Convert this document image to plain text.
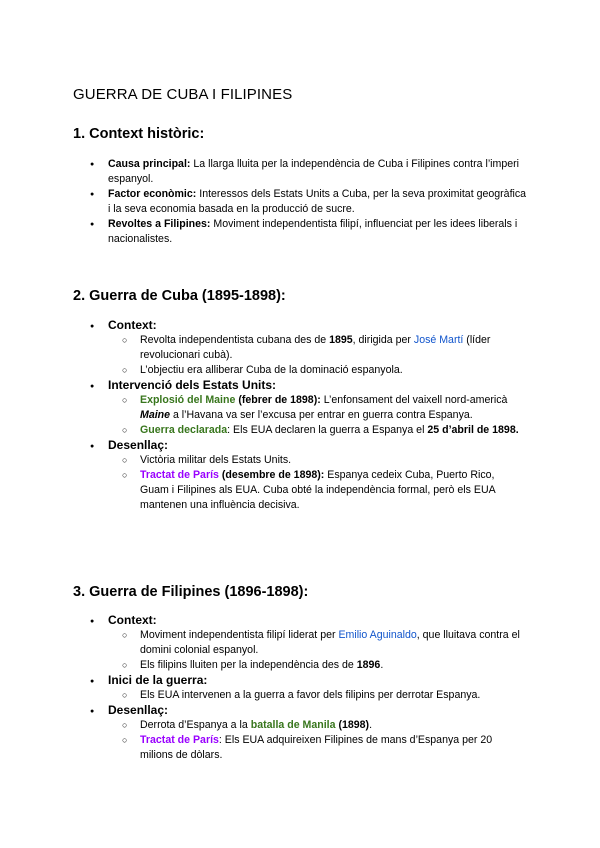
GUERRA DE CUBA I FILIPINES
1. Context històric:
● Causa principal: La llarga lluita per la independència de Cuba i Filipines contra l’imperi espanyol.
● Factor econòmic: Interessos dels Estats Units a Cuba, per la seva proximitat geogràfica i la seva economia basada en la producció de sucre.
● Revoltes a Filipines: Moviment independentista filipí, influenciat per les idees liberals i nacionalistes.
2. Guerra de Cuba (1895-1898):
● Context:
○ Revolta independentista cubana des de 1895, dirigida per José Martí (líder revolucionari cubà).
○ L’objectiu era alliberar Cuba de la dominació espanyola.
● Intervenció dels Estats Units:
○ Explosió del Maine (febrer de 1898): L’enfonsament del vaixell nord-americà Maine a l’Havana va ser l’excusa per entrar en guerra contra Espanya.
○ Guerra declarada: Els EUA declaren la guerra a Espanya el 25 d’abril de 1898.
● Desenllaç:
○ Victòria militar dels Estats Units.
○ Tractat de París (desembre de 1898): Espanya cedeix Cuba, Puerto Rico, Guam i Filipines als EUA. Cuba obté la independència formal, però els EUA mantenen una influència decisiva.
3. Guerra de Filipines (1896-1898):
● Context:
○ Moviment independentista filipí liderat per Emilio Aguinaldo, que lluitava contra el domini colonial espanyol.
○ Els filipins lluiten per la independència des de 1896.
● Inici de la guerra:
○ Els EUA intervenen a la guerra a favor dels filipins per derrotar Espanya.
● Desenllaç:
○ Derrota d’Espanya a la batalla de Manila (1898).
○ Tractat de París: Els EUA adquireixen Filipines de mans d’Espanya per 20 milions de dòlars.
